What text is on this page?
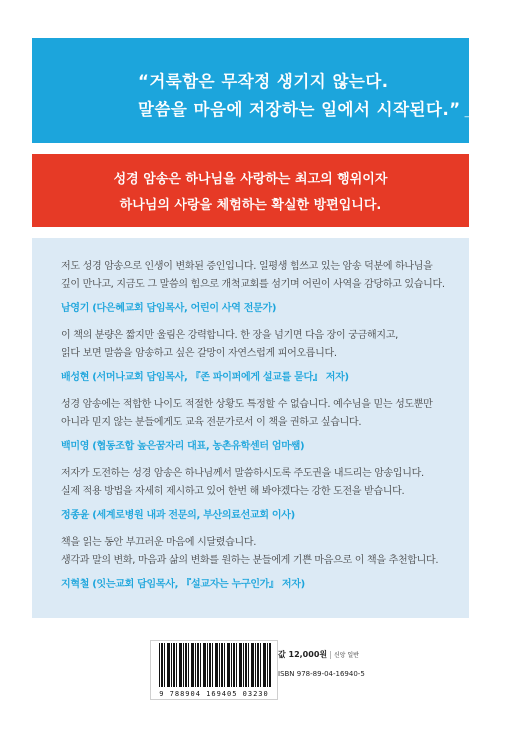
“거룩함은 무작정 생기지 않는다.
말씀을 마음에 저장하는 일에서 시작된다.” _ 존 맥아더
성경 암송은 하나님을 사랑하는 최고의 행위이자
하나님의 사랑을 체험하는 확실한 방편입니다.
저도 성경 암송으로 인생이 변화된 증인입니다. 일평생 힘쓰고 있는 암송 덕분에 하나님을
깊이 만나고, 지금도 그 말씀의 힘으로 개척교회를 섬기며 어린이 사역을 감당하고 있습니다.
남영기 (다은혜교회 담임목사, 어린이 사역 전문가)
이 책의 분량은 짧지만 울림은 강력합니다. 한 장을 넘기면 다음 장이 궁금해지고,
읽다 보면 말씀을 암송하고 싶은 갈망이 자연스럽게 피어오릅니다.
배성현 (서머나교회 담임목사, 『존 파이퍼에게 설교를 묻다』 저자)
성경 암송에는 적합한 나이도 적절한 상황도 특정할 수 없습니다. 예수님을 믿는 성도뿐만
아니라 믿지 않는 분들에게도 교육 전문가로서 이 책을 권하고 싶습니다.
백미영 (협동조합 높은꿈자리 대표, 농촌유학센터 엄마쌤)
저자가 도전하는 성경 암송은 하나님께서 말씀하시도록 주도권을 내드리는 암송입니다.
실제 적용 방법을 자세히 제시하고 있어 한번 해 봐야겠다는 강한 도전을 받습니다.
정종윤 (세계로병원 내과 전문의, 부산의료선교회 이사)
책을 읽는 동안 부끄러운 마음에 시달렸습니다.
생각과 말의 변화, 마음과 삶의 변화를 원하는 분들에게 기쁜 마음으로 이 책을 추천합니다.
지혁철 (잇는교회 담임목사, 『설교자는 누구인가』 저자)
9 788904 169405 03230
값 12,000원 | 신앙 일반
ISBN 978-89-04-16940-5
